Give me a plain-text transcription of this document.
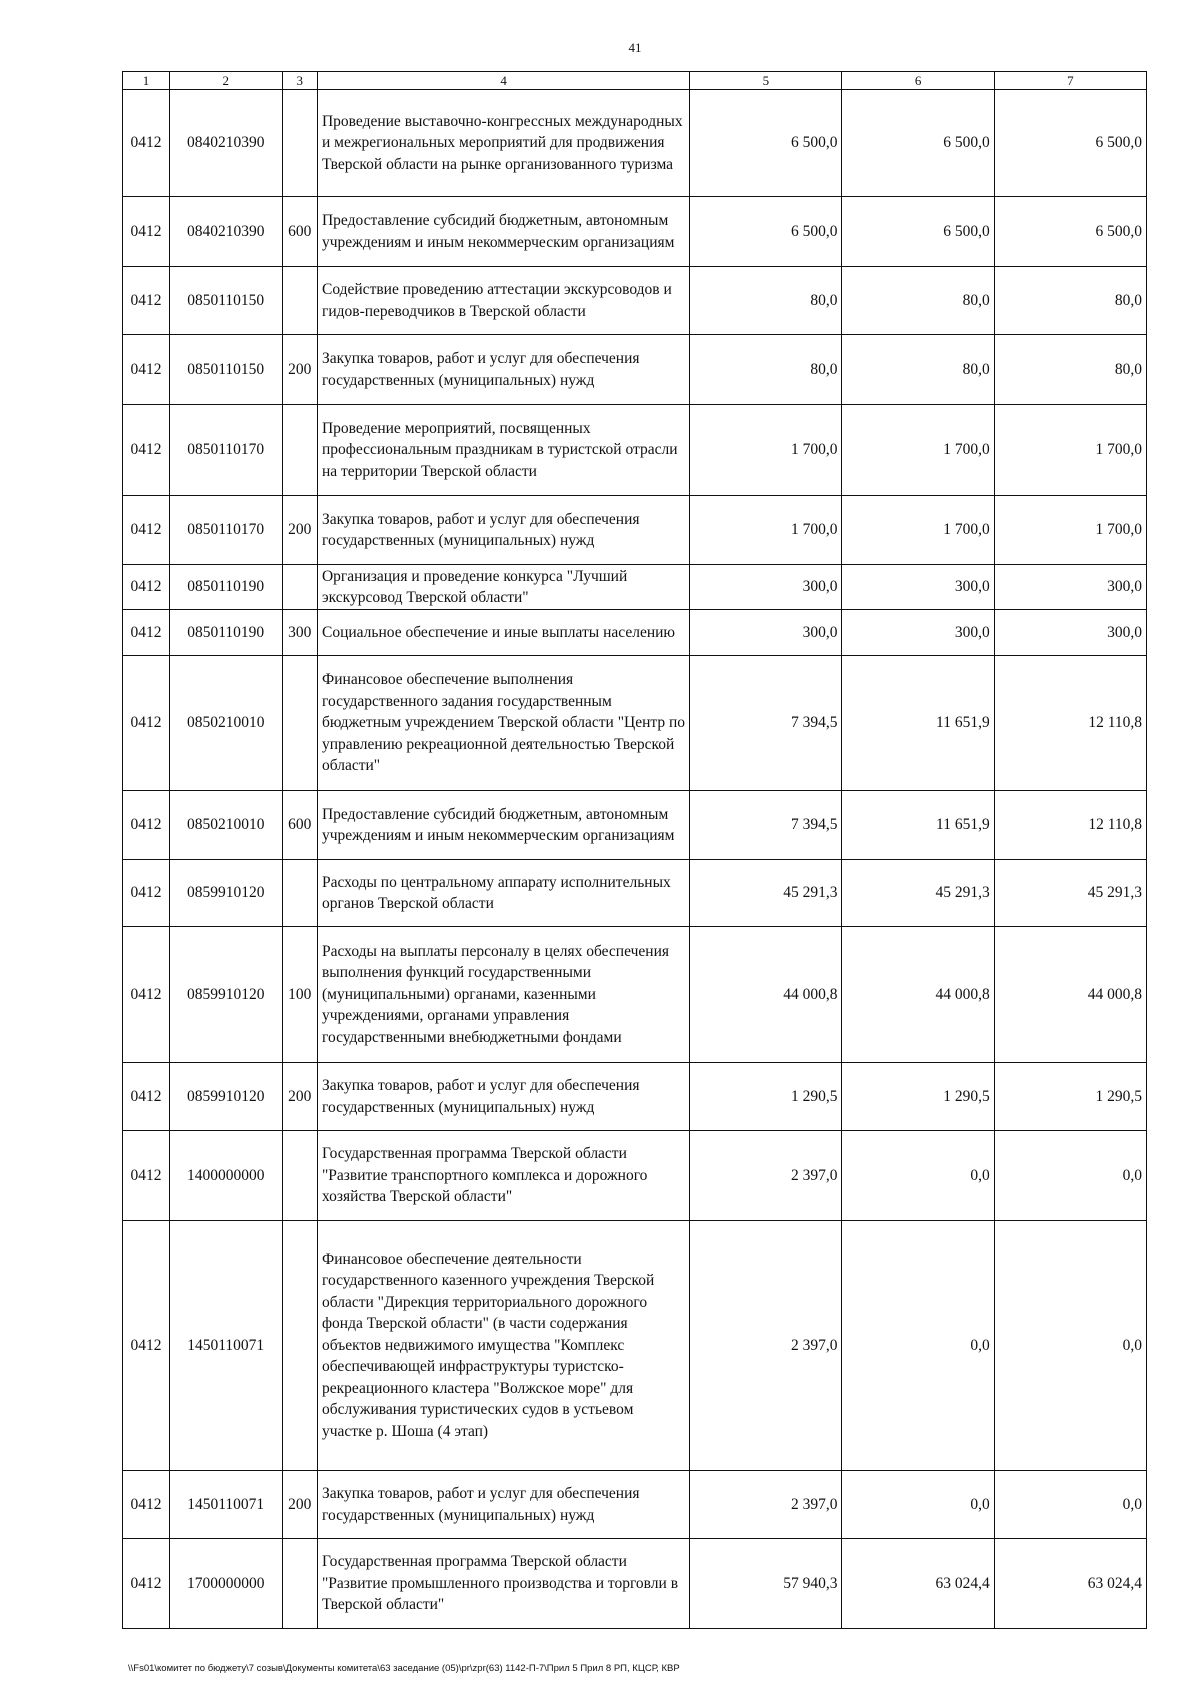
41
1	2	3	4	5	6	7
0412	0840210390		Проведение выставочно-конгрессных международных и межрегиональных мероприятий для продвижения Тверской области на рынке организованного туризма	6 500,0	6 500,0	6 500,0
0412	0840210390	600	Предоставление субсидий бюджетным, автономным учреждениям и иным некоммерческим организациям	6 500,0	6 500,0	6 500,0
0412	0850110150		Содействие проведению аттестации экскурсоводов и гидов-переводчиков в Тверской области	80,0	80,0	80,0
0412	0850110150	200	Закупка товаров, работ и услуг для обеспечения государственных (муниципальных) нужд	80,0	80,0	80,0
0412	0850110170		Проведение мероприятий, посвященных профессиональным праздникам в туристской отрасли на территории Тверской области	1 700,0	1 700,0	1 700,0
0412	0850110170	200	Закупка товаров, работ и услуг для обеспечения государственных (муниципальных) нужд	1 700,0	1 700,0	1 700,0
0412	0850110190		Организация и проведение конкурса "Лучший экскурсовод Тверской области"	300,0	300,0	300,0
0412	0850110190	300	Социальное обеспечение и иные выплаты населению	300,0	300,0	300,0
0412	0850210010		Финансовое обеспечение выполнения государственного задания государственным бюджетным учреждением Тверской области "Центр по управлению рекреационной деятельностью Тверской области"	7 394,5	11 651,9	12 110,8
0412	0850210010	600	Предоставление субсидий бюджетным, автономным учреждениям и иным некоммерческим организациям	7 394,5	11 651,9	12 110,8
0412	0859910120		Расходы по центральному аппарату исполнительных органов Тверской области	45 291,3	45 291,3	45 291,3
0412	0859910120	100	Расходы на выплаты персоналу в целях обеспечения выполнения функций государственными (муниципальными) органами, казенными учреждениями, органами управления государственными внебюджетными фондами	44 000,8	44 000,8	44 000,8
0412	0859910120	200	Закупка товаров, работ и услуг для обеспечения государственных (муниципальных) нужд	1 290,5	1 290,5	1 290,5
0412	1400000000		Государственная программа Тверской области "Развитие транспортного комплекса и дорожного хозяйства Тверской области"	2 397,0	0,0	0,0
0412	1450110071		Финансовое обеспечение деятельности государственного казенного учреждения Тверской области "Дирекция территориального дорожного фонда Тверской области" (в части содержания объектов недвижимого имущества "Комплекс обеспечивающей инфраструктуры туристско-рекреационного кластера "Волжское море" для обслуживания туристических судов в устьевом участке р. Шоша (4 этап)	2 397,0	0,0	0,0
0412	1450110071	200	Закупка товаров, работ и услуг для обеспечения государственных (муниципальных) нужд	2 397,0	0,0	0,0
0412	1700000000		Государственная программа Тверской области "Развитие промышленного производства и торговли в Тверской области"	57 940,3	63 024,4	63 024,4
\\Fs01\комитет по бюджету\7 созыв\Документы комитета\63 заседание (05)\pr\zpr(63) 1142-П-7\Прил 5 Прил 8 РП, КЦСР, КВР
